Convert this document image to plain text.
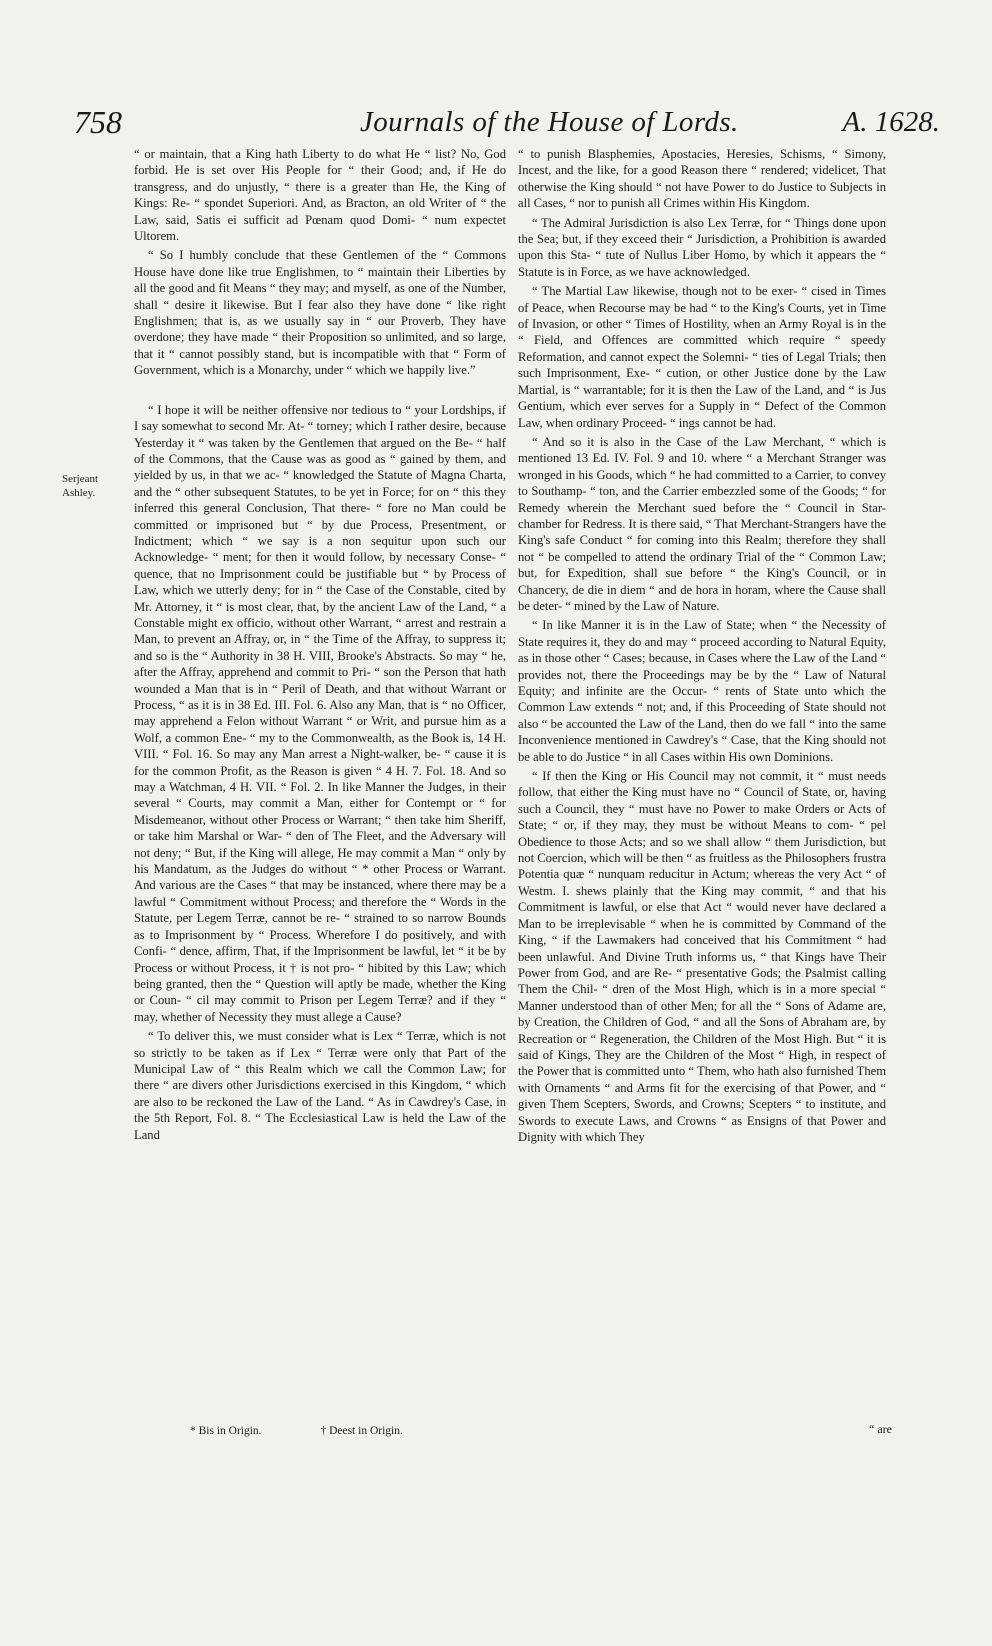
758	Journals of the House of Lords.	A. 1628.
Serjeant Ashley.

“ or maintain, that a King hath Liberty to do what He “ list? No, God forbid. He is set over His People for “ their Good; and, if He do transgress, and do unjustly, “ there is a greater than He, the King of Kings: Re- “ spondet Superiori. And, as Bracton, an old Writer of “ the Law, said, Satis ei sufficit ad Pœnam quod Domi- “ num expectet Ultorem.

“ So I humbly conclude that these Gentlemen of the “ Commons House have done like true Englishmen, to “ maintain their Liberties by all the good and fit Means “ they may; and myself, as one of the Number, shall “ desire it likewise. But I fear also they have done “ like right Englishmen; that is, as we usually say in “ our Proverb, They have overdone; they have made “ their Proposition so unlimited, and so large, that it “ cannot possibly stand, but is incompatible with that “ Form of Government, which is a Monarchy, under “ which we happily live.”

“ I hope it will be neither offensive nor tedious to “ your Lordships, if I say somewhat to second Mr. At- “ torney; which I rather desire, because Yesterday it “ was taken by the Gentlemen that argued on the Be- “ half of the Commons, that the Cause was as good as “ gained by them, and yielded by us, in that we ac- “ knowledged the Statute of Magna Charta, and the “ other subsequent Statutes, to be yet in Force; for on “ this they inferred this general Conclusion, That there- “ fore no Man could be committed or imprisoned but “ by due Process, Presentment, or Indictment; which “ we say is a non sequitur upon such our Acknowledge- “ ment; for then it would follow, by necessary Conse- “ quence, that no Imprisonment could be justifiable but “ by Process of Law, which we utterly deny; for in “ the Case of the Constable, cited by Mr. Attorney, it “ is most clear, that, by the ancient Law of the Land, “ a Constable might ex officio, without other Warrant, “ arrest and restrain a Man, to prevent an Affray, or, in “ the Time of the Affray, to suppress it; and so is the “ Authority in 38 H. VIII, Brooke's Abstracts. So may “ he, after the Affray, apprehend and commit to Pri- “ son the Person that hath wounded a Man that is in “ Peril of Death, and that without Warrant or Process, “ as it is in 38 Ed. III. Fol. 6. Also any Man, that is “ no Officer, may apprehend a Felon without Warrant “ or Writ, and pursue him as a Wolf, a common Ene- “ my to the Commonwealth, as the Book is, 14 H. VIII. “ Fol. 16. So may any Man arrest a Night-walker, be- “ cause it is for the common Profit, as the Reason is given “ 4 H. 7. Fol. 18. And so may a Watchman, 4 H. VII. “ Fol. 2. In like Manner the Judges, in their several “ Courts, may commit a Man, either for Contempt or “ for Misdemeanor, without other Process or Warrant; “ then take him Sheriff, or take him Marshal or War- “ den of The Fleet, and the Adversary will not deny; “ But, if the King will allege, He may commit a Man “ only by his Mandatum, as the Judges do without “ * other Process or Warrant. And various are the Cases “ that may be instanced, where there may be a lawful “ Commitment without Process; and therefore the “ Words in the Statute, per Legem Terræ, cannot be re- “ strained to so narrow Bounds as to Imprisonment by “ Process. Wherefore I do positively, and with Confi- “ dence, affirm, That, if the Imprisonment be lawful, let “ it be by Process or without Process, it † is not pro- “ hibited by this Law; which being granted, then the “ Question will aptly be made, whether the King or Coun- “ cil may commit to Prison per Legem Terræ? and if they “ may, whether of Necessity they must allege a Cause?

“ To deliver this, we must consider what is Lex “ Terræ, which is not so strictly to be taken as if Lex “ Terræ were only that Part of the Municipal Law of “ this Realm which we call the Common Law; for there “ are divers other Jurisdictions exercised in this Kingdom, “ which are also to be reckoned the Law of the Land. “ As in Cawdrey's Case, in the 5th Report, Fol. 8. “ The Ecclesiastical Law is held the Law of the Land

“ to punish Blasphemies, Apostacies, Heresies, Schisms, “ Simony, Incest, and the like, for a good Reason there “ rendered; videlicet, That otherwise the King should “ not have Power to do Justice to Subjects in all Cases, “ nor to punish all Crimes within His Kingdom.

“ The Admiral Jurisdiction is also Lex Terræ, for “ Things done upon the Sea; but, if they exceed their “ Jurisdiction, a Prohibition is awarded upon this Sta- “ tute of Nullus Liber Homo, by which it appears the “ Statute is in Force, as we have acknowledged.

“ The Martial Law likewise, though not to be exer- “ cised in Times of Peace, when Recourse may be had “ to the King's Courts, yet in Time of Invasion, or other “ Times of Hostility, when an Army Royal is in the “ Field, and Offences are committed which require “ speedy Reformation, and cannot expect the Solemni- “ ties of Legal Trials; then such Imprisonment, Exe- “ cution, or other Justice done by the Law Martial, is “ warrantable; for it is then the Law of the Land, and “ is Jus Gentium, which ever serves for a Supply in “ Defect of the Common Law, when ordinary Proceed- “ ings cannot be had.

“ And so it is also in the Case of the Law Merchant, “ which is mentioned 13 Ed. IV. Fol. 9 and 10. where “ a Merchant Stranger was wronged in his Goods, which “ he had committed to a Carrier, to convey to Southamp- “ ton, and the Carrier embezzled some of the Goods; “ for Remedy wherein the Merchant sued before the “ Council in Star-chamber for Redress. It is there said, “ That Merchant-Strangers have the King's safe Conduct “ for coming into this Realm; therefore they shall not “ be compelled to attend the ordinary Trial of the “ Common Law; but, for Expedition, shall sue before “ the King's Council, or in Chancery, de die in diem “ and de hora in horam, where the Cause shall be deter- “ mined by the Law of Nature.

“ In like Manner it is in the Law of State; when “ the Necessity of State requires it, they do and may “ proceed according to Natural Equity, as in those other “ Cases; because, in Cases where the Law of the Land “ provides not, there the Proceedings may be by the “ Law of Natural Equity; and infinite are the Occur- “ rents of State unto which the Common Law extends “ not; and, if this Proceeding of State should not also “ be accounted the Law of the Land, then do we fall “ into the same Inconvenience mentioned in Cawdrey's “ Case, that the King should not be able to do Justice “ in all Cases within His own Dominions.

“ If then the King or His Council may not commit, it “ must needs follow, that either the King must have no “ Council of State, or, having such a Council, they “ must have no Power to make Orders or Acts of State; “ or, if they may, they must be without Means to com- “ pel Obedience to those Acts; and so we shall allow “ them Jurisdiction, but not Coercion, which will be then “ as fruitless as the Philosophers frustra Potentia quæ “ nunquam reducitur in Actum; whereas the very Act “ of Westm. I. shews plainly that the King may commit, “ and that his Commitment is lawful, or else that Act “ would never have declared a Man to be irreplevisable “ when he is committed by Command of the King, “ if the Lawmakers had conceived that his Commitment “ had been unlawful. And Divine Truth informs us, “ that Kings have Their Power from God, and are Re- “ presentative Gods; the Psalmist calling Them the Chil- “ dren of the Most High, which is in a more special “ Manner understood than of other Men; for all the “ Sons of Adame are, by Creation, the Children of God, “ and all the Sons of Abraham are, by Recreation or “ Regeneration, the Children of the Most High. But “ it is said of Kings, They are the Children of the Most “ High, in respect of the Power that is committed unto “ Them, who hath also furnished Them with Ornaments “ and Arms fit for the exercising of that Power, and “ given Them Scepters, Swords, and Crowns; Scepters “ to institute, and Swords to execute Laws, and Crowns “ as Ensigns of that Power and Dignity with which They

* Bis in Origin.	† Deest in Origin.	“ are
